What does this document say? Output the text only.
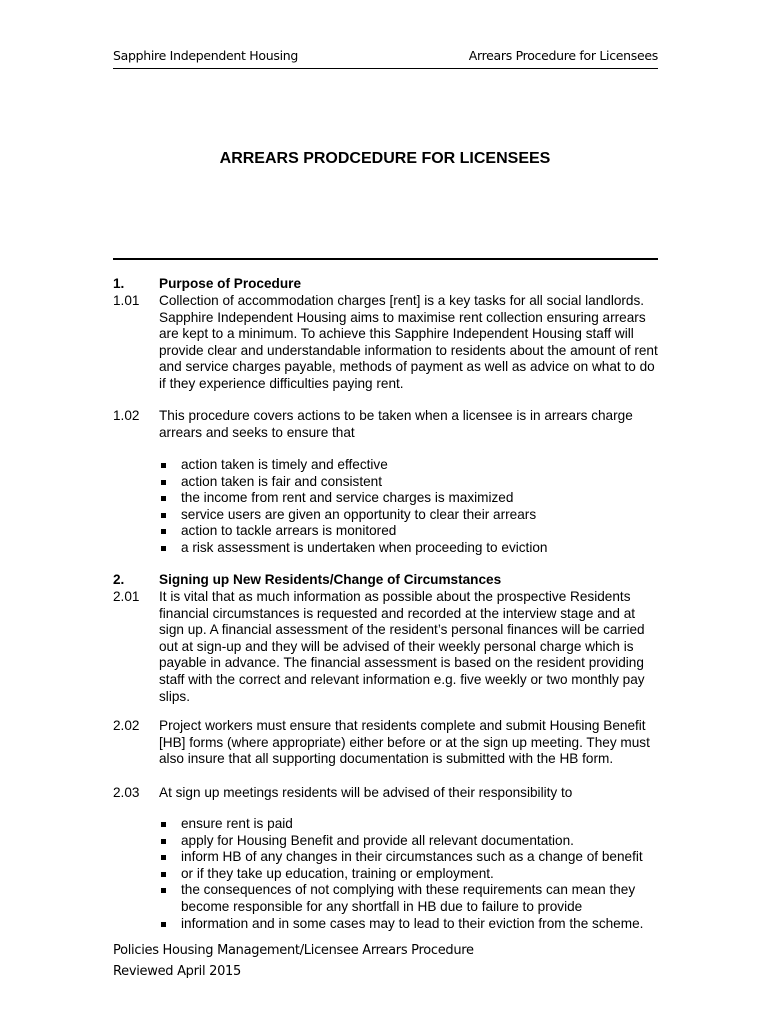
Sapphire Independent Housing	Arrears Procedure for Licensees
ARREARS PRODCEDURE FOR LICENSEES
1.	Purpose of Procedure
1.01 Collection of accommodation charges [rent] is a key tasks for all social landlords. Sapphire Independent Housing aims to maximise rent collection ensuring arrears are kept to a minimum. To achieve this Sapphire Independent Housing staff will provide clear and understandable information to residents about the amount of rent and service charges payable, methods of payment as well as advice on what to do if they experience difficulties paying rent.

1.02 This procedure covers actions to be taken when a licensee is in arrears charge arrears and seeks to ensure that

action taken is timely and effective
action taken is fair and consistent
the income from rent and service charges is maximized
service users are given an opportunity to clear their arrears
action to tackle arrears is monitored
a risk assessment is undertaken when proceeding to eviction
2.	Signing up New Residents/Change of Circumstances
2.01 It is vital that as much information as possible about the prospective Residents financial circumstances is requested and recorded at the interview stage and at sign up. A financial assessment of the resident’s personal finances will be carried out at sign-up and they will be advised of their weekly personal charge which is payable in advance. The financial assessment is based on the resident providing staff with the correct and relevant information e.g. five weekly or two monthly pay slips.

2.02 Project workers must ensure that residents complete and submit Housing Benefit [HB] forms (where appropriate) either before or at the sign up meeting. They must also insure that all supporting documentation is submitted with the HB form.

2.03 At sign up meetings residents will be advised of their responsibility to

ensure rent is paid
apply for Housing Benefit and provide all relevant documentation.
inform HB of any changes in their circumstances such as a change of benefit
or if they take up education, training or employment.
the consequences of not complying with these requirements can mean they become responsible for any shortfall in HB due to failure to provide
information and in some cases may to lead to their eviction from the scheme.
Policies Housing Management/Licensee Arrears Procedure
Reviewed April 2015
